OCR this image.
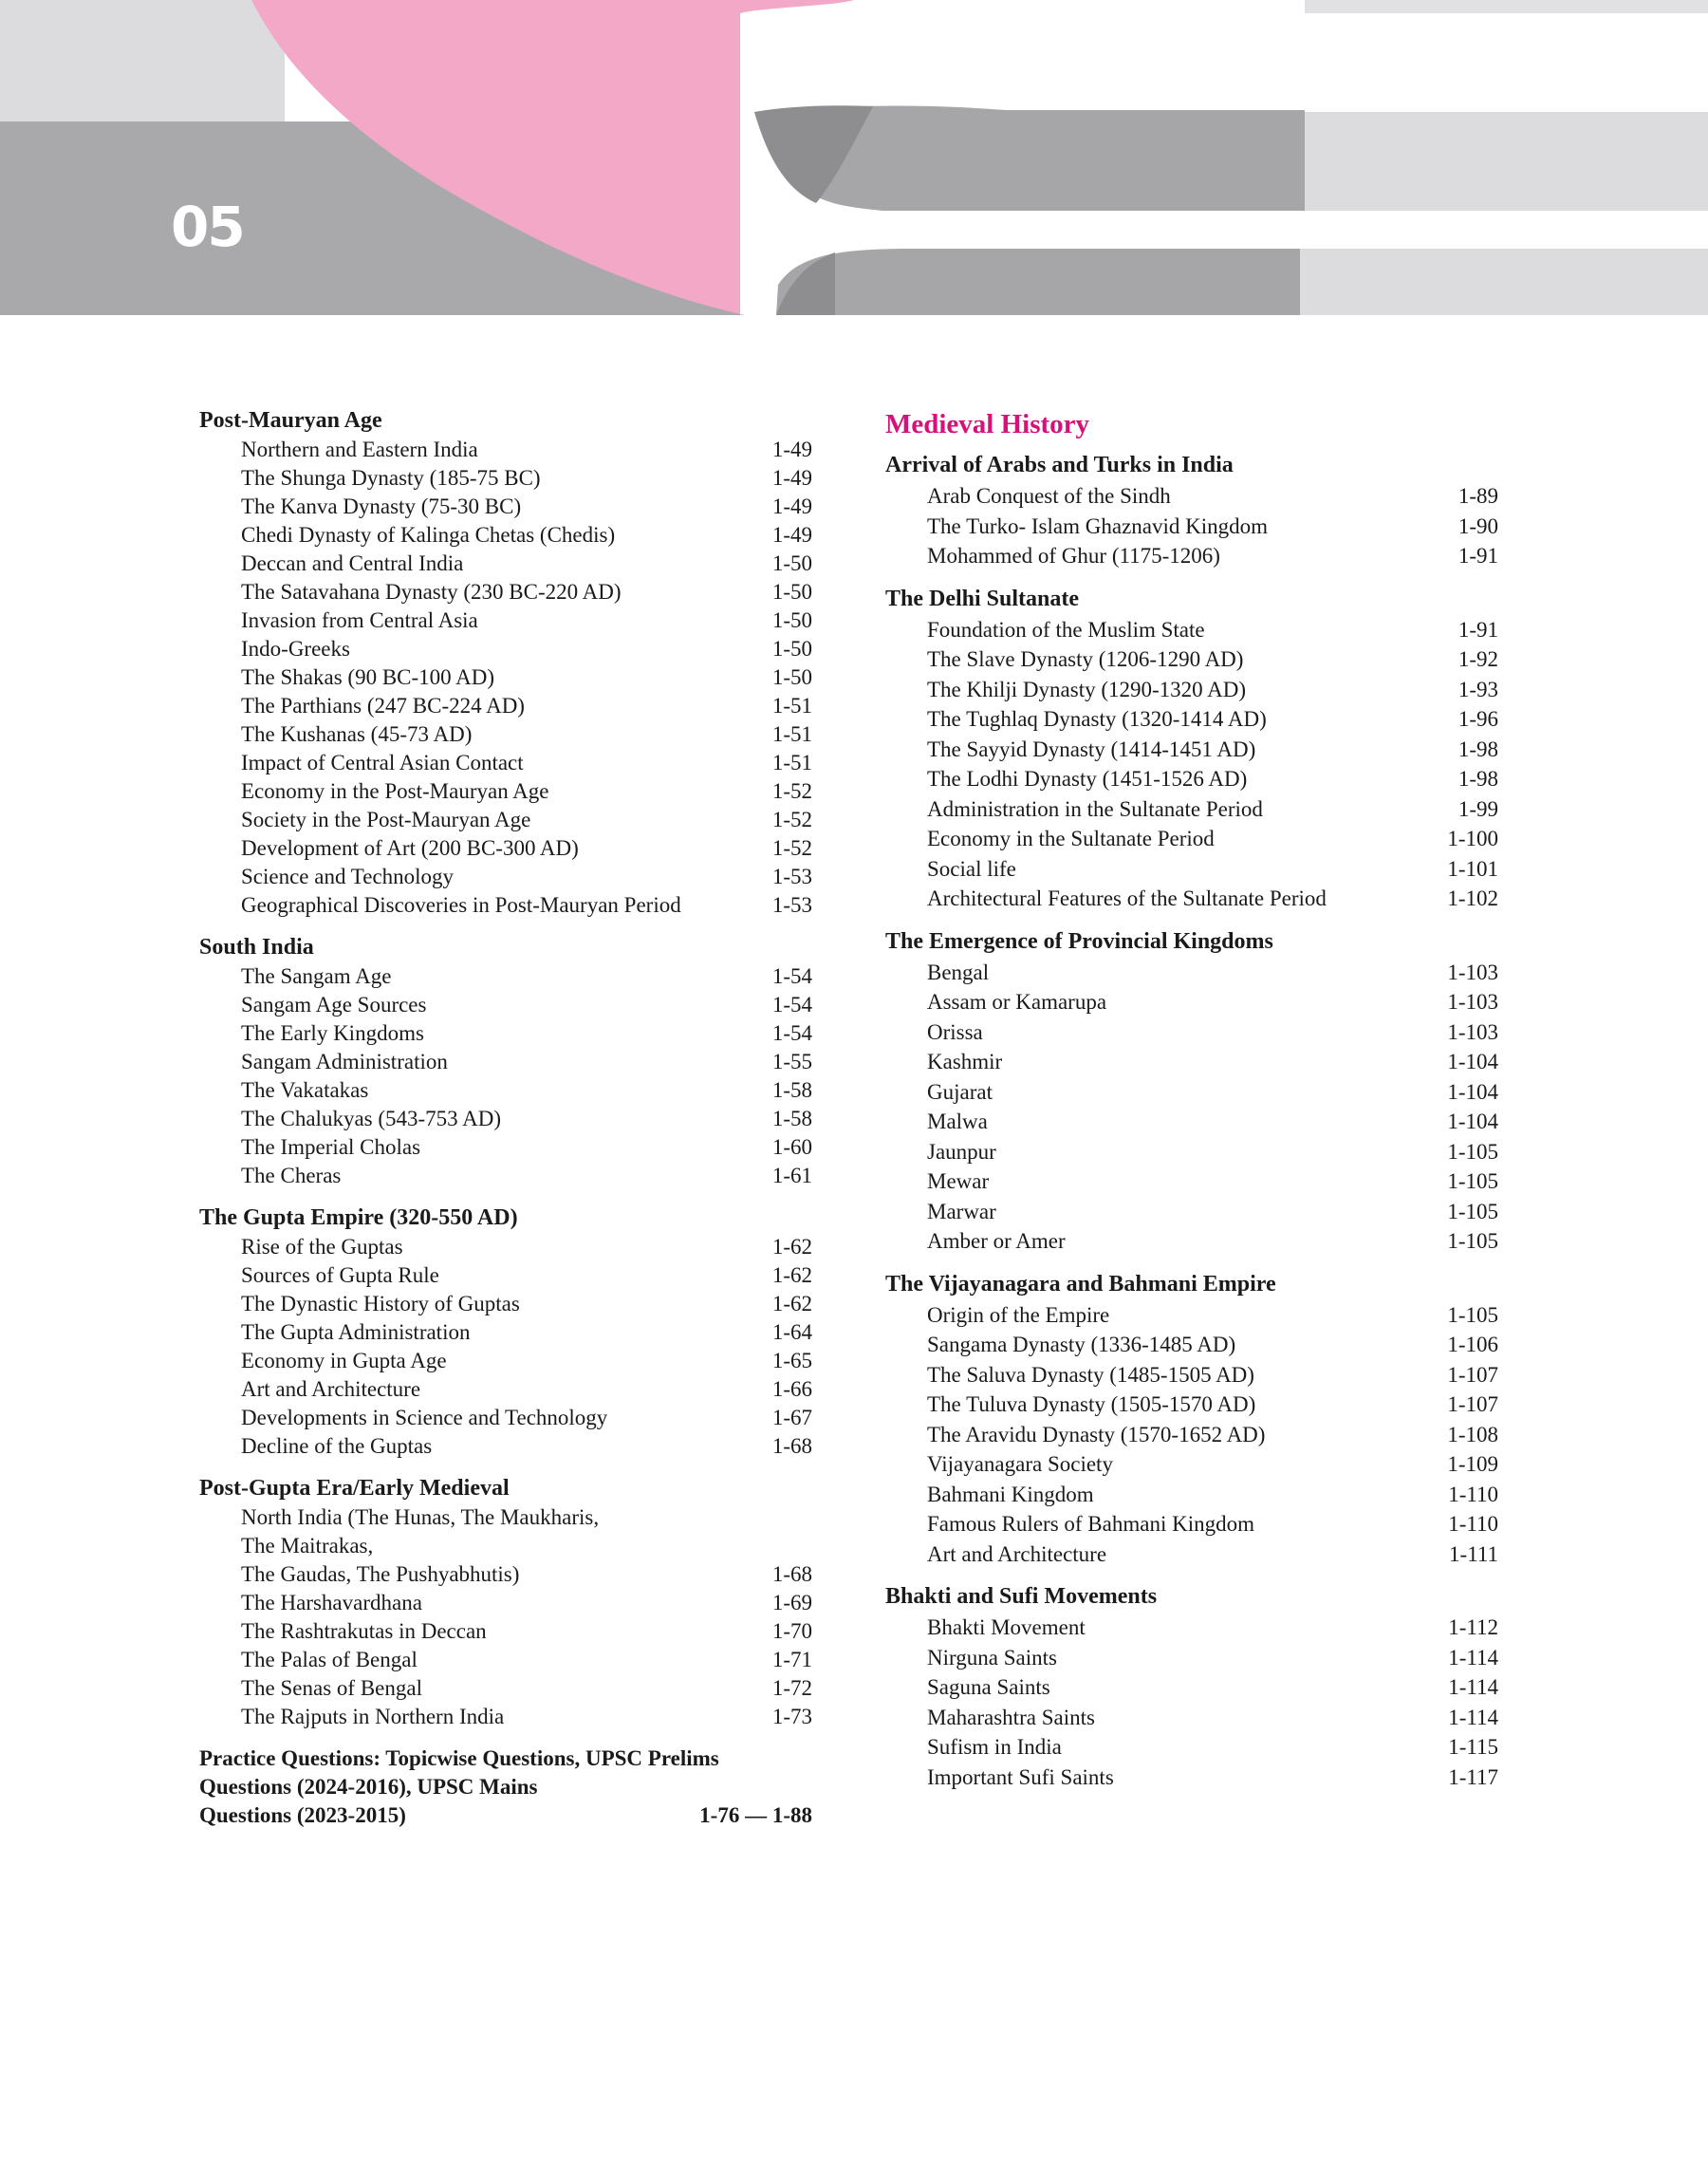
05
Post-Mauryan Age
Northern and Eastern India	1-49
The Shunga Dynasty (185-75 BC)	1-49
The Kanva Dynasty (75-30 BC)	1-49
Chedi Dynasty of Kalinga Chetas (Chedis)	1-49
Deccan and Central India	1-50
The Satavahana Dynasty (230 BC-220 AD)	1-50
Invasion from Central Asia	1-50
Indo-Greeks	1-50
The Shakas (90 BC-100 AD)	1-50
The Parthians (247 BC-224 AD)	1-51
The Kushanas (45-73 AD)	1-51
Impact of Central Asian Contact	1-51
Economy in the Post-Mauryan Age	1-52
Society in the Post-Mauryan Age	1-52
Development of Art (200 BC-300 AD)	1-52
Science and Technology	1-53
Geographical Discoveries in Post-Mauryan Period	1-53
South India
The Sangam Age	1-54
Sangam Age Sources	1-54
The Early Kingdoms	1-54
Sangam Administration	1-55
The Vakatakas	1-58
The Chalukyas (543-753 AD)	1-58
The Imperial Cholas	1-60
The Cheras	1-61
The Gupta Empire (320-550 AD)
Rise of the Guptas	1-62
Sources of Gupta Rule	1-62
The Dynastic History of Guptas	1-62
The Gupta Administration	1-64
Economy in Gupta Age	1-65
Art and Architecture	1-66
Developments in Science and Technology	1-67
Decline of the Guptas	1-68
Post-Gupta Era/Early Medieval
North India (The Hunas, The Maukharis,
The Maitrakas,
The Gaudas, The Pushyabhutis)	1-68
The Harshavardhana	1-69
The Rashtrakutas in Deccan	1-70
The Palas of Bengal	1-71
The Senas of Bengal	1-72
The Rajputs in Northern India	1-73
Practice Questions: Topicwise Questions, UPSC Prelims
Questions (2024-2016), UPSC Mains
Questions (2023-2015)	1-76 — 1-88
Medieval History
Arrival of Arabs and Turks in India
Arab Conquest of the Sindh	1-89
The Turko- Islam Ghaznavid Kingdom	1-90
Mohammed of Ghur (1175-1206)	1-91
The Delhi Sultanate
Foundation of the Muslim State	1-91
The Slave Dynasty (1206-1290 AD)	1-92
The Khilji Dynasty (1290-1320 AD)	1-93
The Tughlaq Dynasty (1320-1414 AD)	1-96
The Sayyid Dynasty (1414-1451 AD)	1-98
The Lodhi Dynasty (1451-1526 AD)	1-98
Administration in the Sultanate Period	1-99
Economy in the Sultanate Period	1-100
Social life	1-101
Architectural Features of the Sultanate Period	1-102
The Emergence of Provincial Kingdoms
Bengal	1-103
Assam or Kamarupa	1-103
Orissa	1-103
Kashmir	1-104
Gujarat	1-104
Malwa	1-104
Jaunpur	1-105
Mewar	1-105
Marwar	1-105
Amber or Amer	1-105
The Vijayanagara and Bahmani Empire
Origin of the Empire	1-105
Sangama Dynasty (1336-1485 AD)	1-106
The Saluva Dynasty (1485-1505 AD)	1-107
The Tuluva Dynasty (1505-1570 AD)	1-107
The Aravidu Dynasty (1570-1652 AD)	1-108
Vijayanagara Society	1-109
Bahmani Kingdom	1-110
Famous Rulers of Bahmani Kingdom	1-110
Art and Architecture	1-111
Bhakti and Sufi Movements
Bhakti Movement	1-112
Nirguna Saints	1-114
Saguna Saints	1-114
Maharashtra Saints	1-114
Sufism in India	1-115
Important Sufi Saints	1-117
